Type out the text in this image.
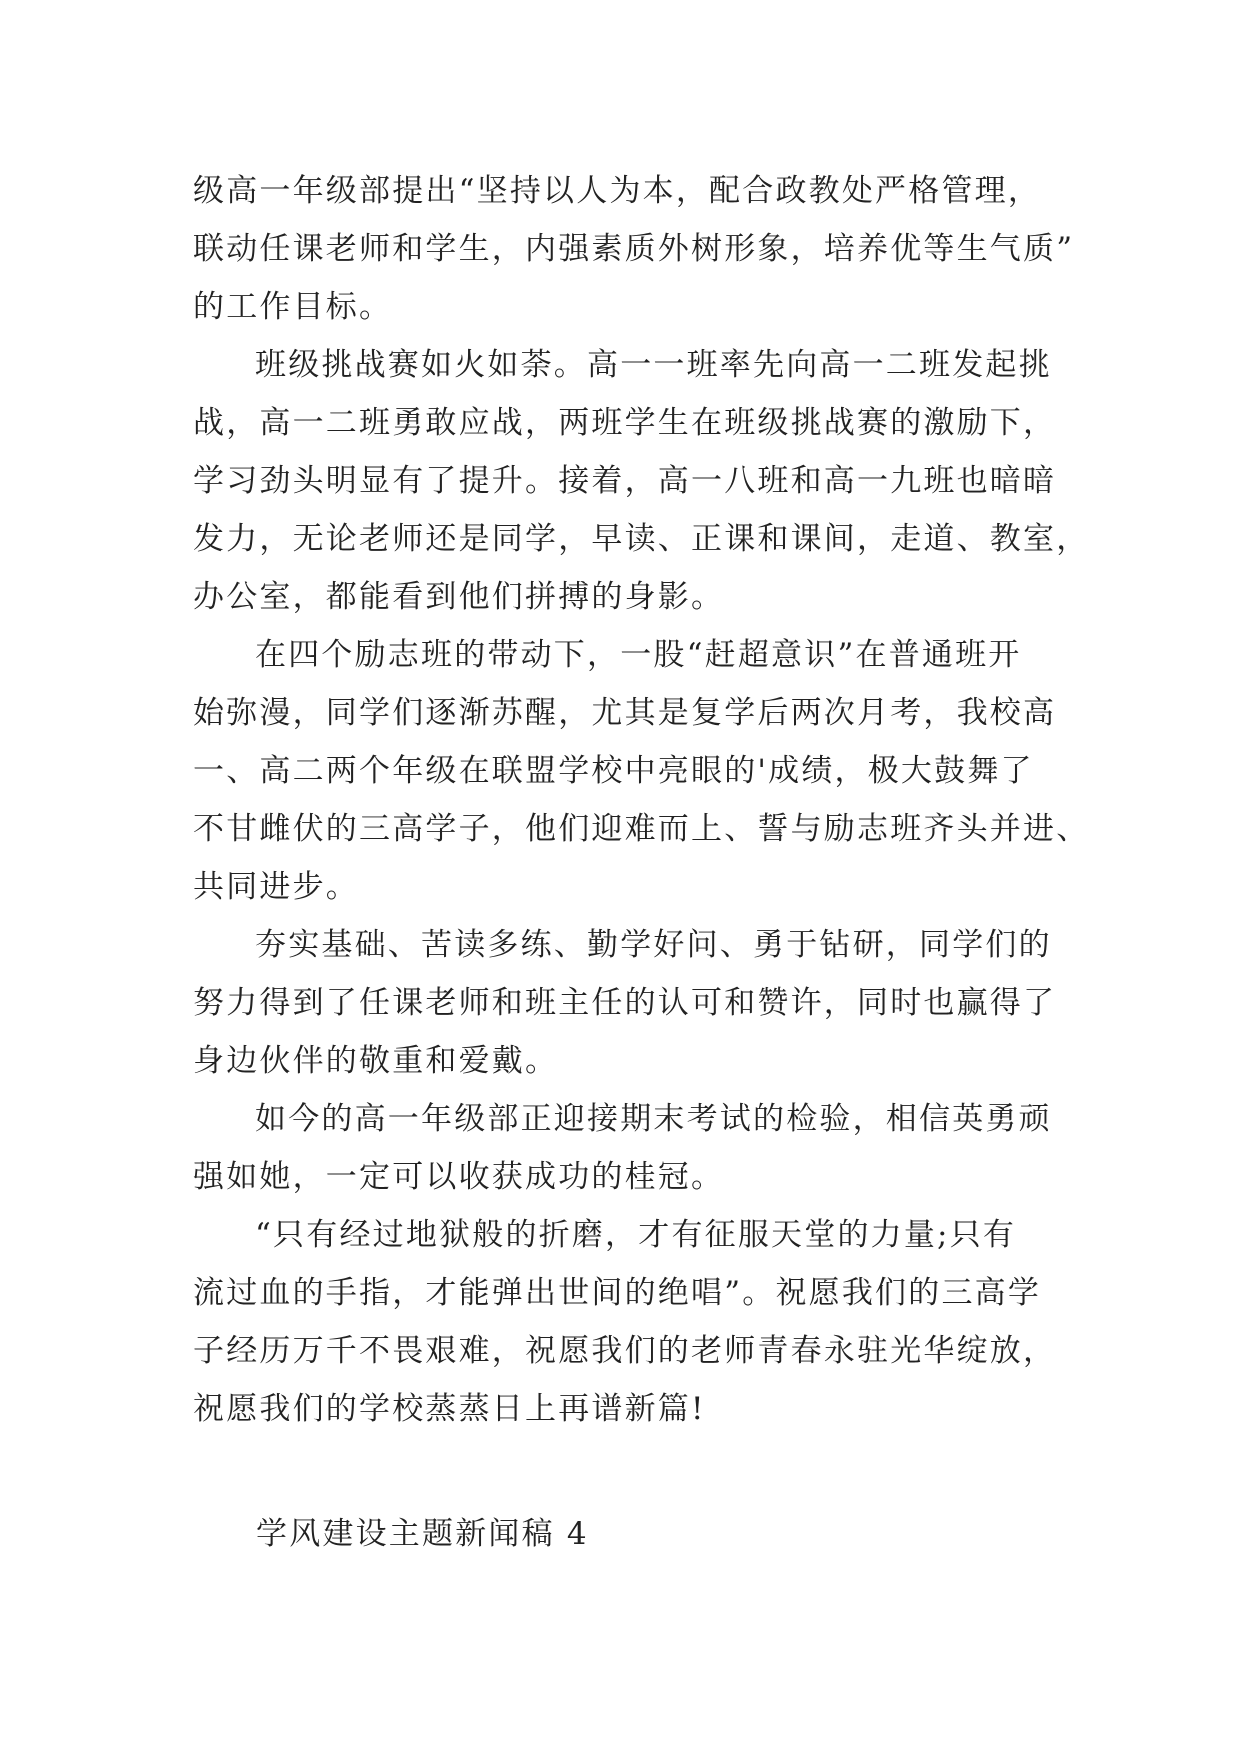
级高一年级部提出“坚持以人为本，配合政教处严格管理，
联动任课老师和学生，内强素质外树形象，培养优等生气质”
的工作目标。
班级挑战赛如火如荼。高一一班率先向高一二班发起挑
战，高一二班勇敢应战，两班学生在班级挑战赛的激励下，
学习劲头明显有了提升。接着，高一八班和高一九班也暗暗
发力，无论老师还是同学，早读、正课和课间，走道、教室，
办公室，都能看到他们拼搏的身影。
在四个励志班的带动下，一股“赶超意识”在普通班开
始弥漫，同学们逐渐苏醒，尤其是复学后两次月考，我校高
一、高二两个年级在联盟学校中亮眼的'成绩，极大鼓舞了
不甘雌伏的三高学子，他们迎难而上、誓与励志班齐头并进、
共同进步。
夯实基础、苦读多练、勤学好问、勇于钻研，同学们的
努力得到了任课老师和班主任的认可和赞许，同时也赢得了
身边伙伴的敬重和爱戴。
如今的高一年级部正迎接期末考试的检验，相信英勇顽
强如她，一定可以收获成功的桂冠。
“只有经过地狱般的折磨，才有征服天堂的力量;只有
流过血的手指，才能弹出世间的绝唱”。祝愿我们的三高学
子经历万千不畏艰难，祝愿我们的老师青春永驻光华绽放，
祝愿我们的学校蒸蒸日上再谱新篇!
学风建设主题新闻稿 4
